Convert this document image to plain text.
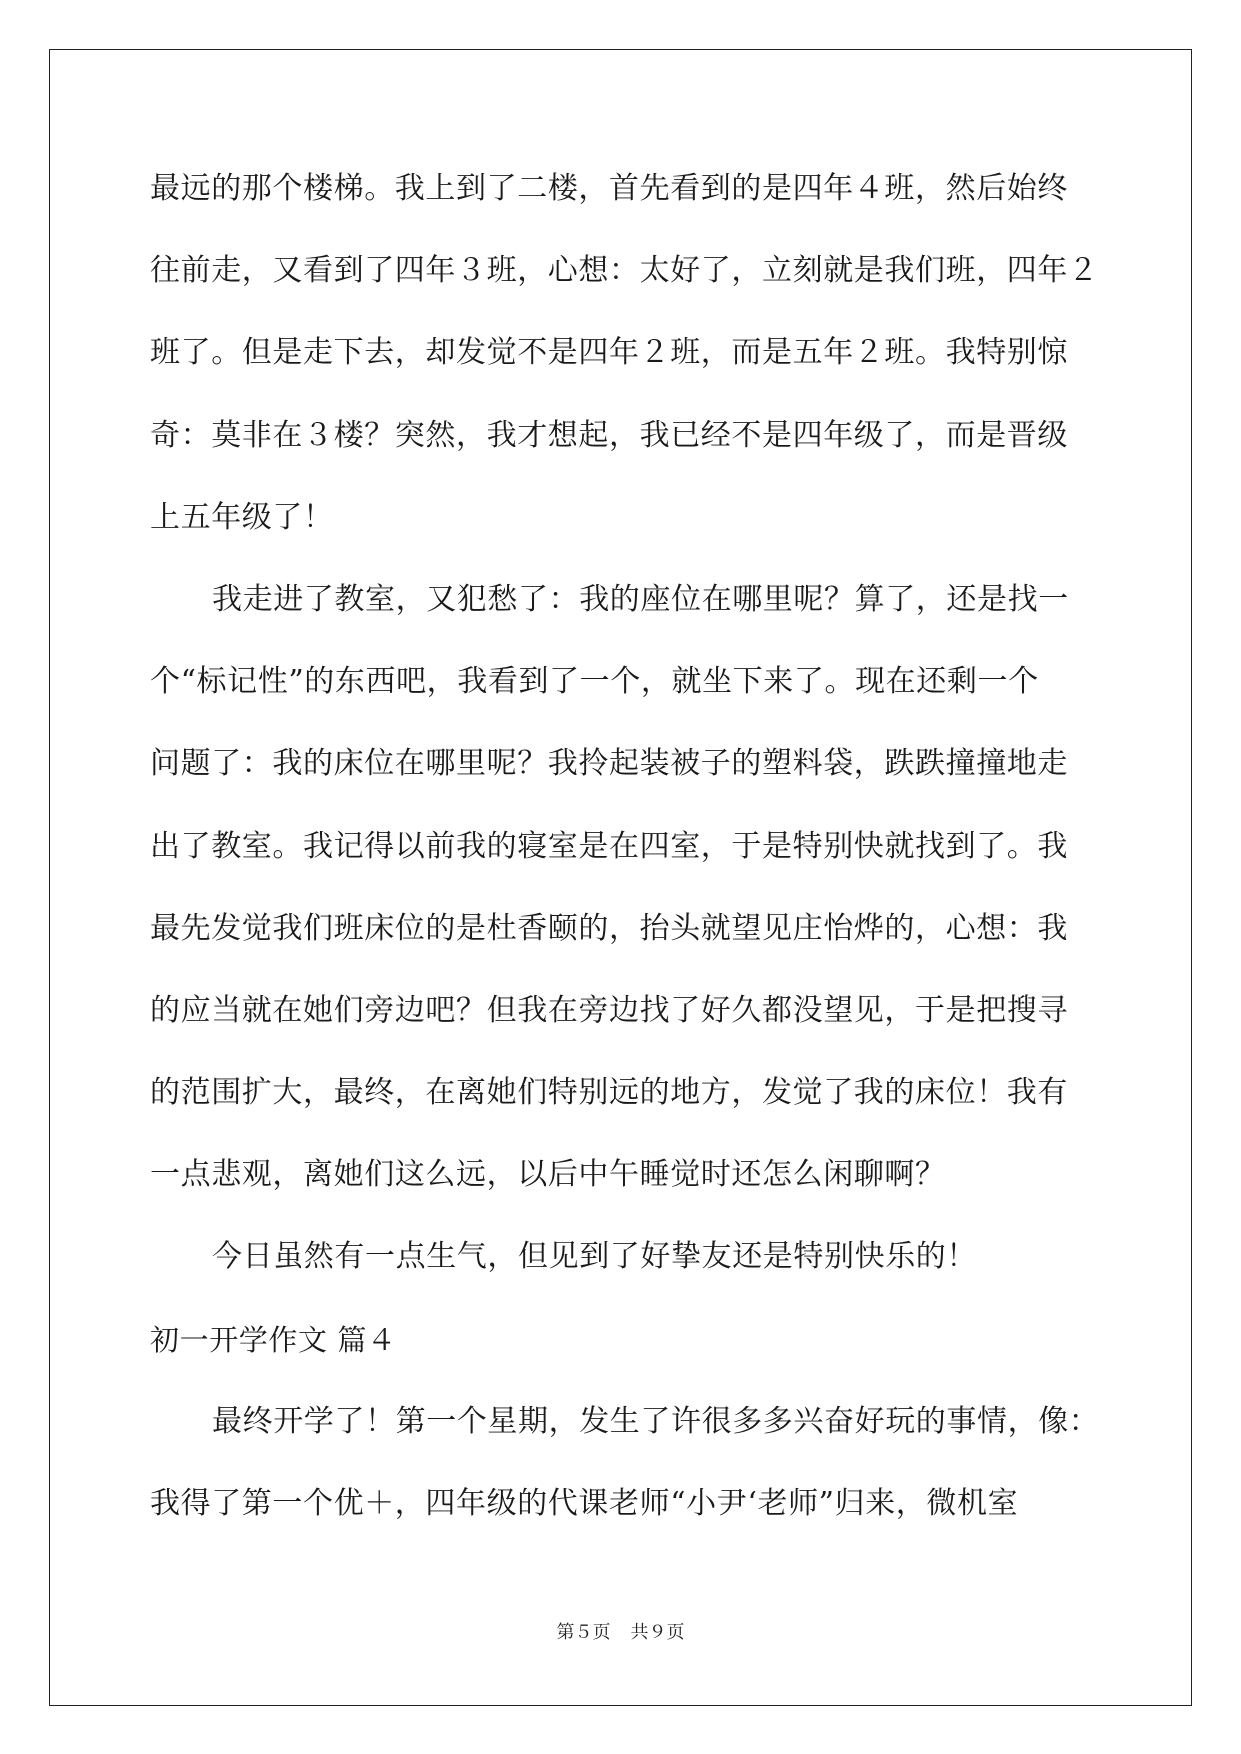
最远的那个楼梯。我上到了二楼，首先看到的是四年４班，然后始终
往前走，又看到了四年３班，心想：太好了，立刻就是我们班，四年２
班了。但是走下去，却发觉不是四年２班，而是五年２班。我特别惊
奇：莫非在３楼？突然，我才想起，我已经不是四年级了，而是晋级
上五年级了！
我走进了教室，又犯愁了：我的座位在哪里呢？算了，还是找一
个“标记性”的东西吧，我看到了一个，就坐下来了。现在还剩一个
问题了：我的床位在哪里呢？我拎起装被子的塑料袋，跌跌撞撞地走
出了教室。我记得以前我的寝室是在四室，于是特别快就找到了。我
最先发觉我们班床位的是杜香颐的，抬头就望见庄怡烨的，心想：我
的应当就在她们旁边吧？但我在旁边找了好久都没望见，于是把搜寻
的范围扩大，最终，在离她们特别远的地方，发觉了我的床位！我有
一点悲观，离她们这么远，以后中午睡觉时还怎么闲聊啊？
今日虽然有一点生气，但见到了好挚友还是特别快乐的！
初一开学作文 篇４
最终开学了！第一个星期，发生了许很多多兴奋好玩的事情，像：
我得了第一个优＋，四年级的代课老师“小尹‘老师”归来，微机室
第５页 共９页
